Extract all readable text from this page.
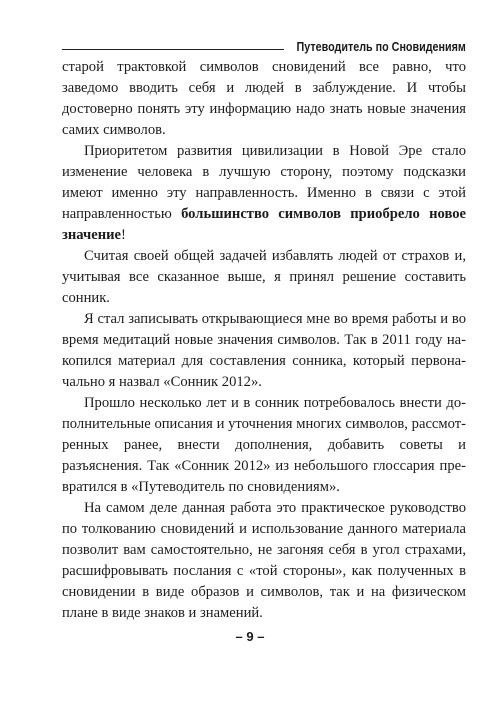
Путеводитель по Сновидениям

старой трактовкой символов сновидений все равно, что заведомо вводить себя и людей в заблуждение. И чтобы достоверно понять эту информацию надо знать новые значения самих символов.

Приоритетом развития цивилизации в Новой Эре стало изменение человека в лучшую сторону, поэтому подсказки имеют именно эту направленность. Именно в связи с этой направленностью большинство символов приобрело новое значение!

Считая своей общей задачей избавлять людей от страхов и, учитывая все сказанное выше, я принял решение составить сонник.

Я стал записывать открывающиеся мне во время работы и во время медитаций новые значения символов. Так в 2011 году накопился материал для составления сонника, который первоначально я назвал «Сонник 2012».

Прошло несколько лет и в сонник потребовалось внести дополнительные описания и уточнения многих символов, рассмотренных ранее, внести дополнения, добавить советы и разъяснения. Так «Сонник 2012» из небольшого глоссария превратился в «Путеводитель по сновидениям».

На самом деле данная работа это практическое руководство по толкованию сновидений и использование данного материала позволит вам самостоятельно, не загоняя себя в угол страхами, расшифровывать послания с «той стороны», как полученных в сновидении в виде образов и символов, так и на физическом плане в виде знаков и знамений.

– 9 –
